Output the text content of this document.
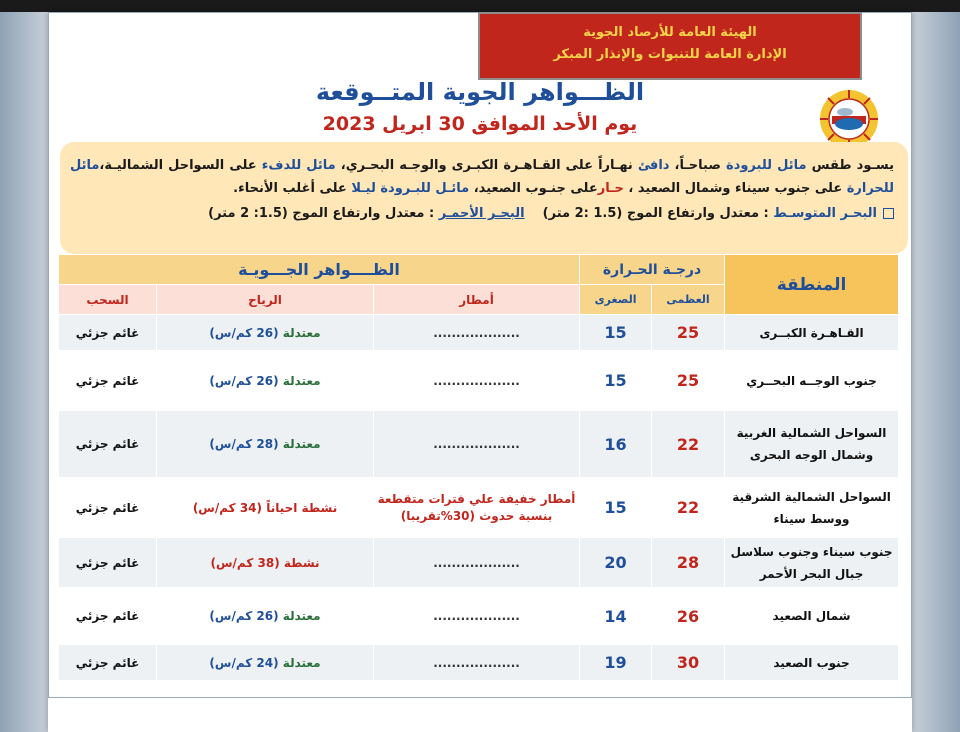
الهيئة العامة للأرصاد الجوية
الإدارة العامة للتنبوات والإنذار المبكر
الظـــواهر الجوية المتــوقعة
يوم الأحد الموافق 30 ابريل 2023
يسـود طقس مائل للبرودة صباحـاً، دافئ نهـاراً على القـاهـرة الكبـرى والوجـه البحـري، مائل للدفء على السواحل الشماليـة،مائل للحرارة على جنوب سيناء وشمال الصعيد ، حـارعلى جنـوب الصعيد، مائـل للبـرودة ليـلا على أغلب الأنحاء.
البحـر المتوسـط : معتدل وارتفاع الموج (1.5 :2 متر)    البحـر الأحمـر : معتدل وارتفاع الموج (1.5: 2 متر)
المنطقة	درجـة الحـرارة		الظــــواهر الجـــويـة		
	العظمى	الصغرى	أمطار	الرياح	السحب
القـاهـرة الكبــرى	25	15	...................	معتدلة (26 كم/س)	غائم جزئي
جنوب الوجــه البحــري	25	15	...................	معتدلة (26 كم/س)	غائم جزئي
السواحل الشمالية الغربية وشمال الوجه البحرى	22	16	...................	معتدلة (28 كم/س)	غائم جزئي
السواحل الشمالية الشرقية ووسط سيناء	22	15	أمطار خفيفة علي فترات متقطعة بنسبة حدوث (30%تقريبا)	نشطة احياناً (34 كم/س)	غائم جزئي
جنوب سيناء وجنوب سلاسل جبال البحر الأحمر	28	20	...................	نشطة (38 كم/س)	غائم جزئي
شمال الصعيد	26	14	...................	معتدلة (26 كم/س)	غائم جزئي
جنوب الصعيد	30	19	...................	معتدلة (24 كم/س)	غائم جزئي
